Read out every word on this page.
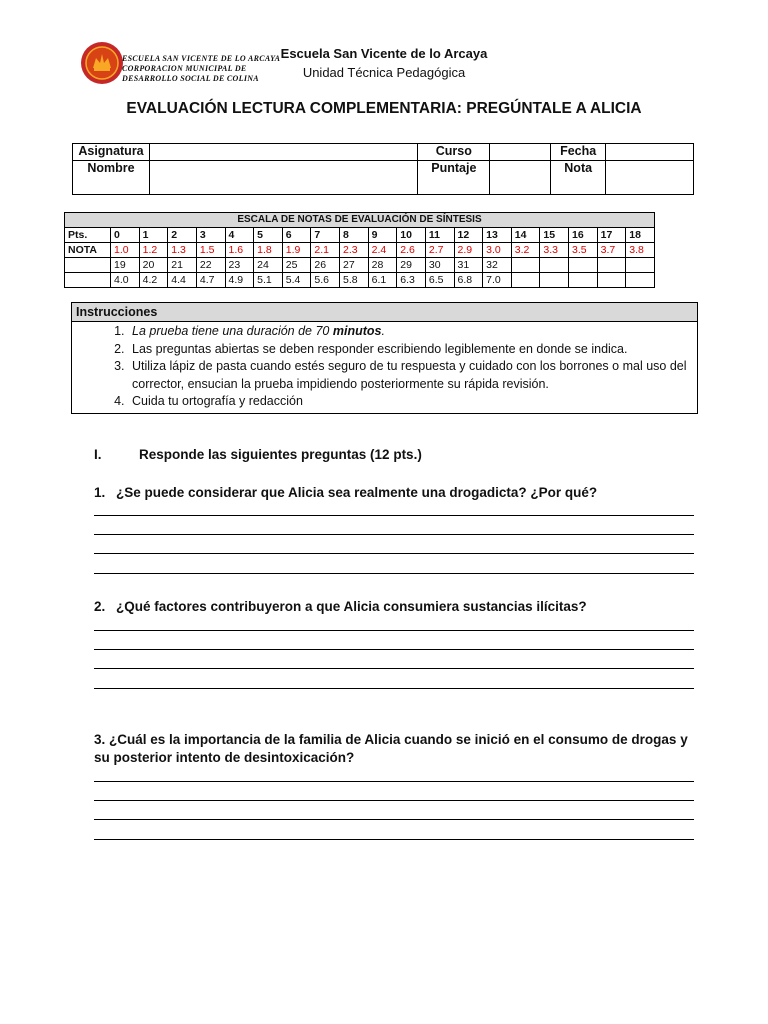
ESCUELA SAN VICENTE DE LO ARCAYA
CORPORACION MUNICIPAL DE
DESARROLLO SOCIAL DE COLINA
Escuela San Vicente de lo Arcaya
Unidad Técnica Pedagógica
EVALUACIÓN LECTURA COMPLEMENTARIA: PREGÚNTALE A ALICIA
Asignatura		Curso		Fecha	
Nombre		Puntaje		Nota	
ESCALA DE NOTAS DE EVALUACIÓN DE SÍNTESIS																			
Pts.	0	1	2	3	4	5	6	7	8	9	10	11	12	13	14	15	16	17	18
NOTA	1.0	1.2	1.3	1.5	1.6	1.8	1.9	2.1	2.3	2.4	2.6	2.7	2.9	3.0	3.2	3.3	3.5	3.7	3.8
	19	20	21	22	23	24	25	26	27	28	29	30	31	32					
	4.0	4.2	4.4	4.7	4.9	5.1	5.4	5.6	5.8	6.1	6.3	6.5	6.8	7.0					
Instrucciones
1. La prueba tiene una duración de 70 minutos.
2. Las preguntas abiertas se deben responder escribiendo legiblemente en donde se indica.
3. Utiliza lápiz de pasta cuando estés seguro de tu respuesta y cuidado con los borrones o mal uso del corrector, ensucian la prueba impidiendo posteriormente su rápida revisión.
4. Cuida tu ortografía y redacción
I.	Responde las siguientes preguntas (12 pts.)
1. ¿Se puede considerar que Alicia sea realmente una drogadicta? ¿Por qué?
2. ¿Qué factores contribuyeron a que Alicia consumiera sustancias ilícitas?
3. ¿Cuál es la importancia de la familia de Alicia cuando se inició en el consumo de drogas y su posterior intento de desintoxicación?
